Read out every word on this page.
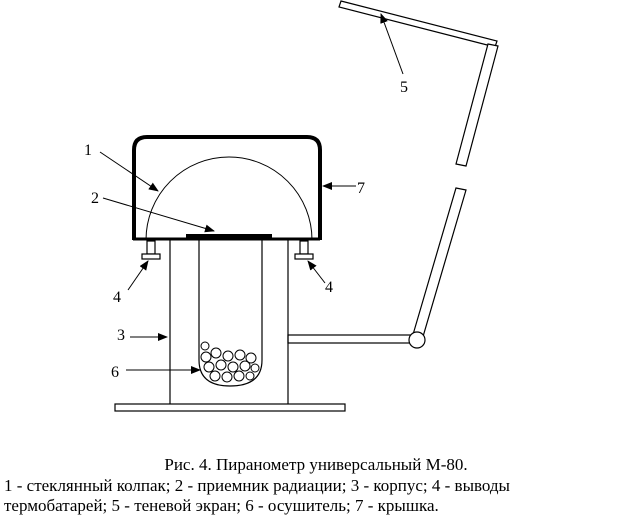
1
2
3
4
4
5
6
7
Рис. 4. Пиранометр универсальный М-80.
1 - стеклянный колпак; 2 - приемник радиации; 3 - корпус; 4 - выводы
термобатарей; 5 - теневой экран; 6 - осушитель; 7 - крышка.
